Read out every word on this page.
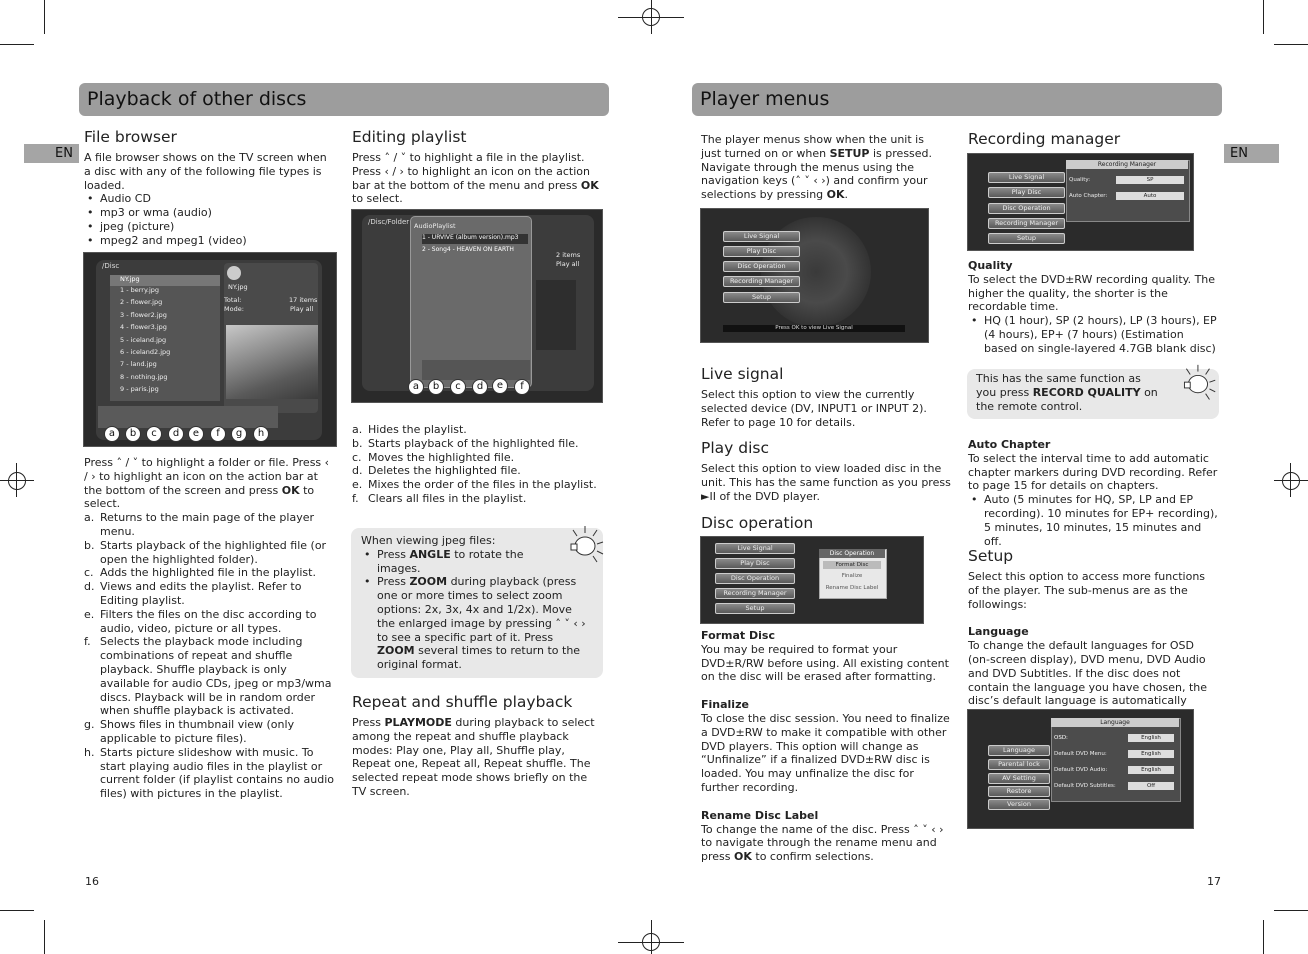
Playback of other discs	Player menus
EN	EN
File browser

A file browser shows on the TV screen when a disc with any of the following file types is loaded.

• Audio CD
• mp3 or wma (audio)
• jpeg (picture)
• mpeg2 and mpeg1 (video)
/Disc
NY.jpg
1 - berry.jpg
2 - flower.jpg
3 - flower2.jpg
4 - flower3.jpg
5 - iceland.jpg
6 - iceland2.jpg
7 - land.jpg
8 - nothing.jpg
9 - paris.jpg
NY.jpg
Total:	17 items
Mode:	Play all
a	b	c	d	e	f	g	h

Press ˄ / ˅ to highlight a folder or file. Press ‹ / › to highlight an icon on the action bar at the bottom of the screen and press OK to select.

a. Returns to the main page of the player menu.
b. Starts playback of the highlighted file (or open the highlighted folder).
c. Adds the highlighted file in the playlist.
d. Views and edits the playlist. Refer to Editing playlist.
e. Filters the files on the disc according to audio, video, picture or all types.
f. Selects the playback mode including combinations of repeat and shuffle playback. Shuffle playback is only available for audio CDs, jpeg or mp3/wma discs. Playback will be in random order when shuffle playback is activated.
g. Shows files in thumbnail view (only applicable to picture files).
h. Starts picture slideshow with music. To start playing audio files in the playlist or current folder (if playlist contains no audio files) with pictures in the playlist.
Editing playlist

Press ˄ / ˅ to highlight a file in the playlist. Press ‹ / › to highlight an icon on the action bar at the bottom of the menu and press OK to select.

/Disc/Folder AudioPlaylist
1 - URVIVE (album version).mp3
2 - Song4 - HEAVEN ON EARTH
2 items
Play all
a	b	c	d	e	f
a. Hides the playlist.
b. Starts playback of the highlighted file.
c. Moves the highlighted file.
d. Deletes the highlighted file.
e. Mixes the order of the files in the playlist.
f. Clears all files in the playlist.

When viewing jpeg files:

• Press ANGLE to rotate the images.
• Press ZOOM during playback (press one or more times to select zoom options: 2x, 3x, 4x and 1/2x). Move the enlarged image by pressing ˄ ˅ ‹ › to see a specific part of it. Press ZOOM several times to return to the original format.
Repeat and shuffle playback

Press PLAYMODE during playback to select among the repeat and shuffle playback modes: Play one, Play all, Shuffle play, Repeat one, Repeat all, Repeat shuffle. The selected repeat mode shows briefly on the TV screen.

16

The player menus show when the unit is just turned on or when SETUP is pressed. Navigate through the menus using the navigation keys (˄ ˅ ‹ ›) and confirm your selections by pressing OK.

Live Signal
Play Disc
Disc Operation
Recording Manager
Setup
Press OK to view Live Signal
Live signal

Select this option to view the currently selected device (DV, INPUT1 or INPUT 2). Refer to page 10 for details.

Play disc

Select this option to view loaded disc in the unit. This has the same function as you press ►II of the DVD player.

Disc operation
Live Signal
Play Disc
Disc Operation
Recording Manager
Setup
Disc Operation
Format Disc
Finalize
Rename Disc Label
Format Disc

You may be required to format your DVD±R/RW before using. All existing content on the disc will be erased after formatting.

Finalize

To close the disc session. You need to finalize a DVD±RW to make it compatible with other DVD players. This option will change as “Unfinalize” if a finalized DVD±RW disc is loaded. You may unfinalize the disc for further recording.

Rename Disc Label

To change the name of the disc. Press ˄ ˅ ‹ › to navigate through the rename menu and press OK to confirm selections.

17
Recording manager
Live Signal
Play Disc
Disc Operation
Recording Manager
Setup
Recording Manager
Quality:	SP
Auto Chapter:	Auto
Quality

To select the DVD±RW recording quality. The higher the quality, the shorter is the recordable time.

• HQ (1 hour), SP (2 hours), LP (3 hours), EP (4 hours), EP+ (7 hours) (Estimation based on single-layered 4.7GB blank disc)

This has the same function as you press RECORD QUALITY on the remote control.

Auto Chapter

To select the interval time to add automatic chapter markers during DVD recording. Refer to page 15 for details on chapters.

• Auto (5 minutes for HQ, SP, LP and EP recording). 10 minutes for EP+ recording), 5 minutes, 10 minutes, 15 minutes and off.
Setup

Select this option to access more functions of the player. The sub-menus are as the followings:

Language

To change the default languages for OSD (on-screen display), DVD menu, DVD Audio and DVD Subtitles. If the disc does not contain the language you have chosen, the disc’s default language is automatically

Language
Parental lock
AV Setting
Restore
Version
Language
OSD:	English
Default DVD Menu:	English
Default DVD Audio:	English
Default DVD Subtitles:	Off
